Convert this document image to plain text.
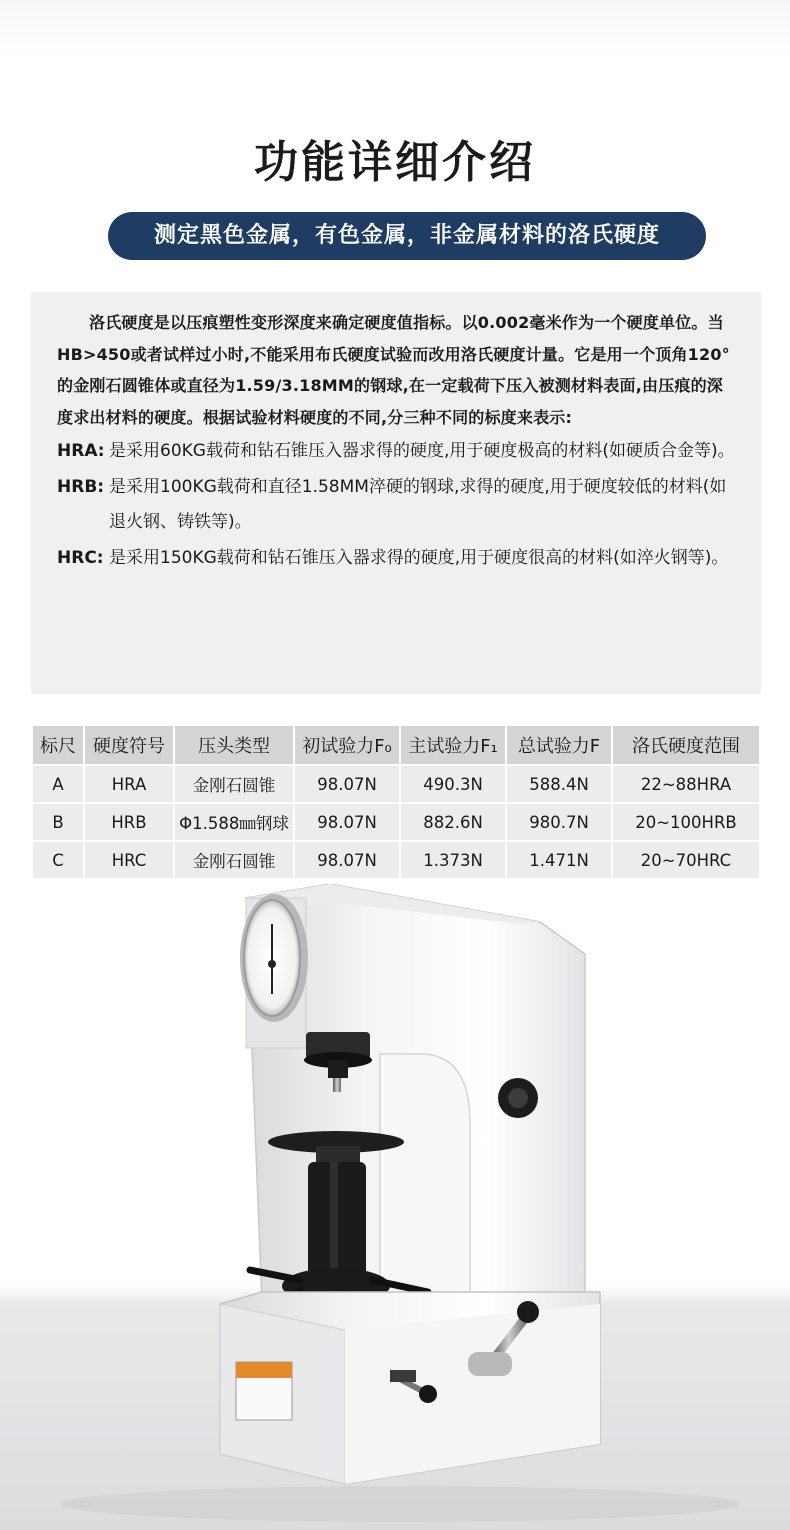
功能详细介绍
测定黑色金属，有色金属，非金属材料的洛氏硬度

洛氏硬度是以压痕塑性变形深度来确定硬度值指标。以0.002毫米作为一个硬度单位。当HB>450或者试样过小时,不能采用布氏硬度试验而改用洛氏硬度计量。它是用一个顶角120°的金刚石圆锥体或直径为1.59/3.18MM的钢球,在一定载荷下压入被测材料表面,由压痕的深度求出材料的硬度。根据试验材料硬度的不同,分三种不同的标度来表示:

HRA: 是采用60KG载荷和钻石锥压入器求得的硬度,用于硬度极高的材料(如硬质合金等)。
HRB: 是采用100KG载荷和直径1.58MM淬硬的钢球,求得的硬度,用于硬度较低的材料(如退火钢、铸铁等)。
HRC: 是采用150KG载荷和钻石锥压入器求得的硬度,用于硬度很高的材料(如淬火钢等)。
标尺	硬度符号	压头类型	初试验力F₀	主试验力F₁	总试验力F	洛氏硬度范围
A	HRA	金刚石圆锥	98.07N	490.3N	588.4N	22~88HRA
B	HRB	Φ1.588㎜钢球	98.07N	882.6N	980.7N	20~100HRB
C	HRC	金刚石圆锥	98.07N	1.373N	1.471N	20~70HRC
